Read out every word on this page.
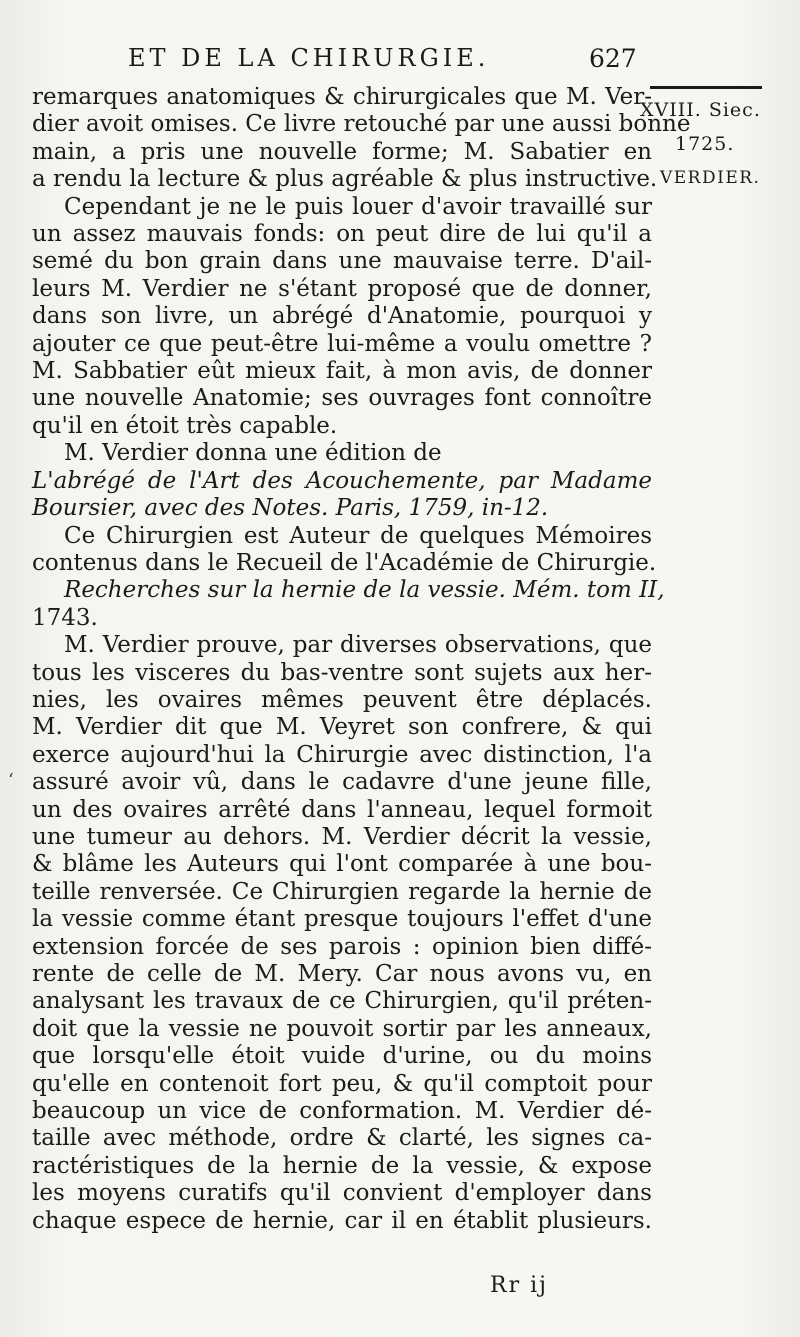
ET DE LA CHIRURGIE.	627
XVIII. Siec.
1725.
VERDIER.
‘
remarques anatomiques & chirurgicales que M. Ver-
dier avoit omises. Ce livre retouché par une aussi bonne
main, a pris une nouvelle forme; M. Sabatier en
a rendu la lecture & plus agréable & plus instructive.
Cependant je ne le puis louer d'avoir travaillé sur
un assez mauvais fonds: on peut dire de lui qu'il a
semé du bon grain dans une mauvaise terre. D'ail-
leurs M. Verdier ne s'étant proposé que de donner,
dans son livre, un abrégé d'Anatomie, pourquoi y
ajouter ce que peut-être lui-même a voulu omettre ?
M. Sabbatier eût mieux fait, à mon avis, de donner
une nouvelle Anatomie; ses ouvrages font connoître
qu'il en étoit très capable.
M. Verdier donna une édition de
L'abrégé de l'Art des Acouchemente, par Madame
Boursier, avec des Notes. Paris, 1759, in-12.
Ce Chirurgien est Auteur de quelques Mémoires
contenus dans le Recueil de l'Académie de Chirurgie.
Recherches sur la hernie de la vessie. Mém. tom II,
1743.
M. Verdier prouve, par diverses observations, que
tous les visceres du bas-ventre sont sujets aux her-
nies, les ovaires mêmes peuvent être déplacés.
M. Verdier dit que M. Veyret son confrere, & qui
exerce aujourd'hui la Chirurgie avec distinction, l'a
assuré avoir vû, dans le cadavre d'une jeune fille,
un des ovaires arrêté dans l'anneau, lequel formoit
une tumeur au dehors. M. Verdier décrit la vessie,
& blâme les Auteurs qui l'ont comparée à une bou-
teille renversée. Ce Chirurgien regarde la hernie de
la vessie comme étant presque toujours l'effet d'une
extension forcée de ses parois : opinion bien diffé-
rente de celle de M. Mery. Car nous avons vu, en
analysant les travaux de ce Chirurgien, qu'il préten-
doit que la vessie ne pouvoit sortir par les anneaux,
que lorsqu'elle étoit vuide d'urine, ou du moins
qu'elle en contenoit fort peu, & qu'il comptoit pour
beaucoup un vice de conformation. M. Verdier dé-
taille avec méthode, ordre & clarté, les signes ca-
ractéristiques de la hernie de la vessie, & expose
les moyens curatifs qu'il convient d'employer dans
chaque espece de hernie, car il en établit plusieurs.
Rr ij
